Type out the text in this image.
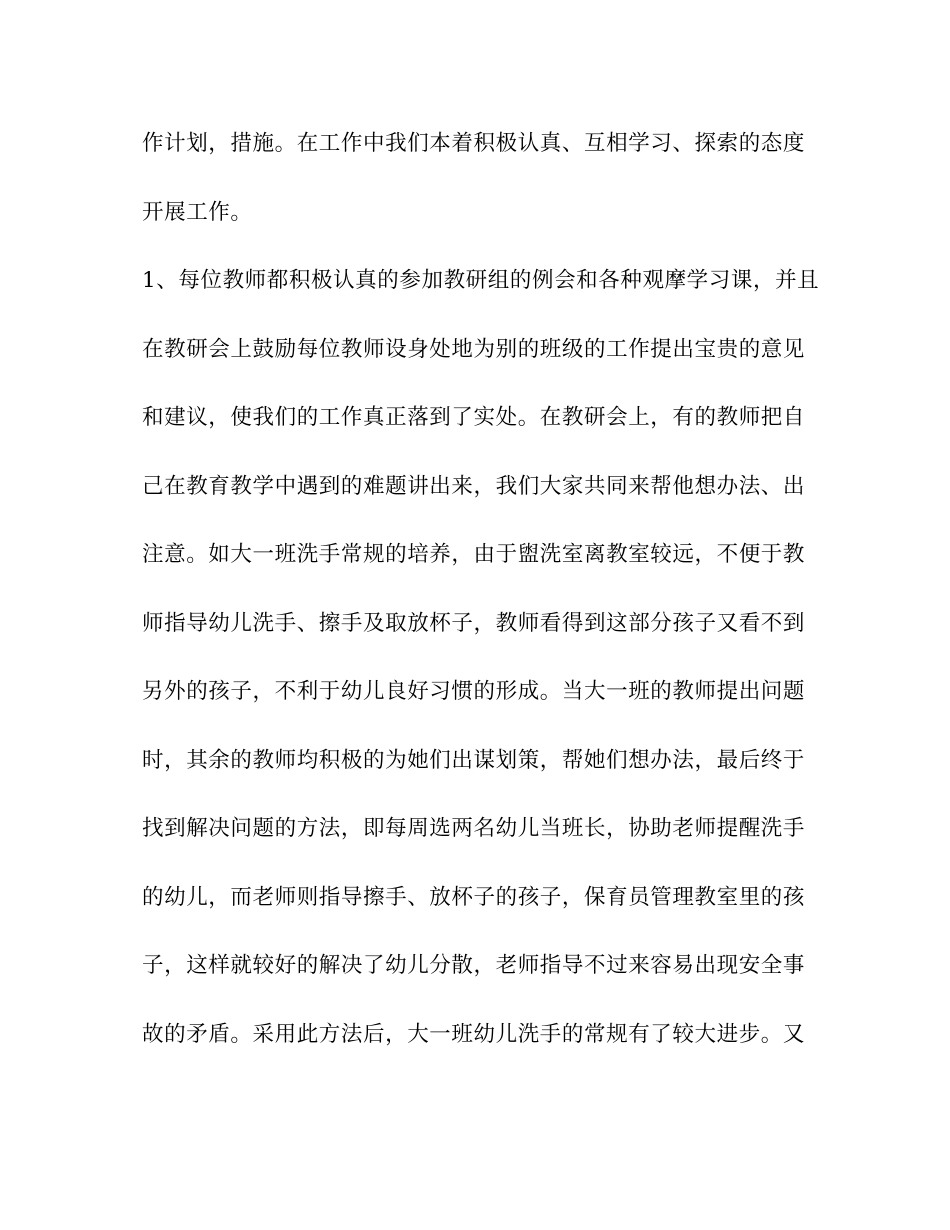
作计划，措施。在工作中我们本着积极认真、互相学习、探索的态度
开展工作。
1、每位教师都积极认真的参加教研组的例会和各种观摩学习课，并且
在教研会上鼓励每位教师设身处地为别的班级的工作提出宝贵的意见
和建议，使我们的工作真正落到了实处。在教研会上，有的教师把自
己在教育教学中遇到的难题讲出来，我们大家共同来帮他想办法、出
注意。如大一班洗手常规的培养，由于盥洗室离教室较远，不便于教
师指导幼儿洗手、擦手及取放杯子，教师看得到这部分孩子又看不到
另外的孩子，不利于幼儿良好习惯的形成。当大一班的教师提出问题
时，其余的教师均积极的为她们出谋划策，帮她们想办法，最后终于
找到解决问题的方法，即每周选两名幼儿当班长，协助老师提醒洗手
的幼儿，而老师则指导擦手、放杯子的孩子，保育员管理教室里的孩
子，这样就较好的解决了幼儿分散，老师指导不过来容易出现安全事
故的矛盾。采用此方法后，大一班幼儿洗手的常规有了较大进步。又
